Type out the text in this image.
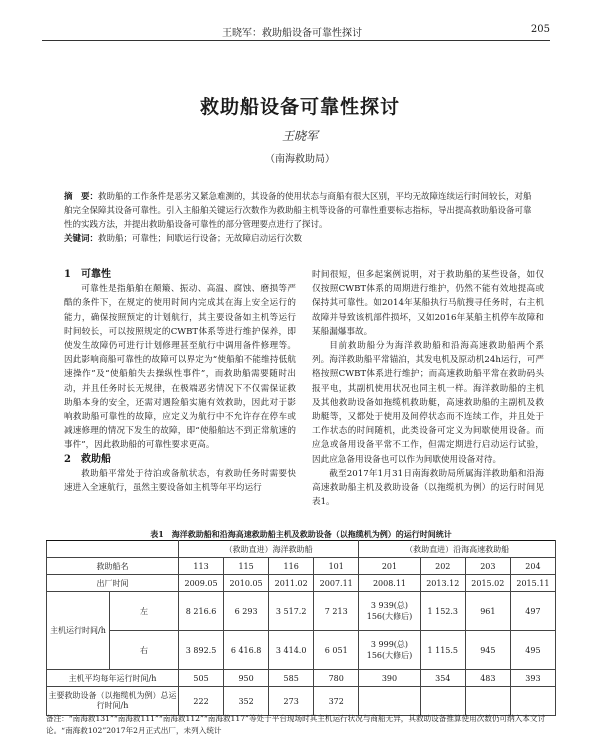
王晓军：救助船设备可靠性探讨	205
救助船设备可靠性探讨
王晓军
（南海救助局）
摘　要：救助船的工作条件是恶劣又紧急难测的，其设备的使用状态与商船有很大区别，平均无故障连续运行时间较长，对船舶完全保障其设备可靠性。引入主船舶关键运行次数作为救助船主机等设备的可靠性重要标志指标，导出提高救助船设备可靠性的实践方法，并提出救助船设备可靠性的部分管理要点进行了探讨。
关键词：救助船；可靠性；间歇运行设备；无故障启动运行次数

1　可靠性

可靠性是指船舶在颠簸、振动、高温、腐蚀、磨损等严酷的条件下，在规定的使用时间内完成其在海上安全运行的能力，确保按照预定的计划航行，其主要设备如主机等运行时间较长，可以按照规定的CWBT体系等进行维护保养，即使发生故障仍可进行计划修理甚至航行中调用备件修理等。因此影响商船可靠性的故障可以界定为“使船舶不能维持低航速操作”及“使船舶失去操纵性事件”，而救助船需要随时出动，并且任务时长无规律，在极端恶劣情况下不仅需保证救助船本身的安全，还需对遇险船实施有效救助，因此对于影响救助船可靠性的故障，应定义为航行中不允许存在停车或减速修理的情况下发生的故障，即“使船舶达不到正常航速的事件”，因此救助船的可靠性要求更高。

2　救助船

救助船平常处于待泊或备航状态，有救助任务时需要快速进入全速航行，虽然主要设备如主机等年平均运行

时间很短，但多起案例说明，对于救助船的某些设备，如仅仅按照CWBT体系的周期进行维护，仍然不能有效地提高或保持其可靠性。如2014年某船执行马航搜寻任务时，右主机故障并导致该机部件损坏，又如2016年某船主机停车故障和某船漏爆事故。

目前救助船分为海洋救助船和沿海高速救助船两个系列。海洋救助船平常锚泊，其发电机及原动机24h运行，可严格按照CWBT体系进行维护；而高速救助船平常在救助码头报平电，其副机使用状况也同主机一样。海洋救助船的主机及其他救助设备如拖缆机救助艇，高速救助船的主副机及救助艇等，又都处于使用及间停状态而不连续工作，并且处于工作状态的时间随机，此类设备可定义为间歇使用设备。而应急或备用设备平常不工作，但需定期进行启动运行试验，因此应急备用设备也可以作为间歇使用设备对待。

截至2017年1月31日南海救助局所属海洋救助船和沿海高速救助船主机及救助设备（以拖缆机为例）的运行时间见表1。

表1　海洋救助船和沿海高速救助船主机及救助设备（以拖缆机为例）的运行时间统计
		（救助直进）海洋救助船				（救助直进）沿海高速救助船			
救助船名		113	115	116	101	201	202	203	204
出厂时间		2009.05	2010.05	2011.02	2007.11	2008.11	2013.12	2015.02	2015.11
主机运行时间/h	左	8 216.6	6 293	3 517.2	7 213	3 939(总)
156(大修后)	1 152.3	961	497
	右	3 892.5	6 416.8	3 414.0	6 051	3 999(总)
156(大修后)	1 115.5	945	495
主机平均每年运行时间/h		505	950	585	780	390	354	483	393
主要救助设备（以拖缆机为例）总运行时间/h		222	352	273	372				
备注：“南海救131”“南海救111”“南海救112”“南海救117”等处于平台现场时其主机运行状况与商船无异，其救助设备推算使用次数仍可纳入本文讨论。“南海救102”2017年2月正式出厂，未列入统计
